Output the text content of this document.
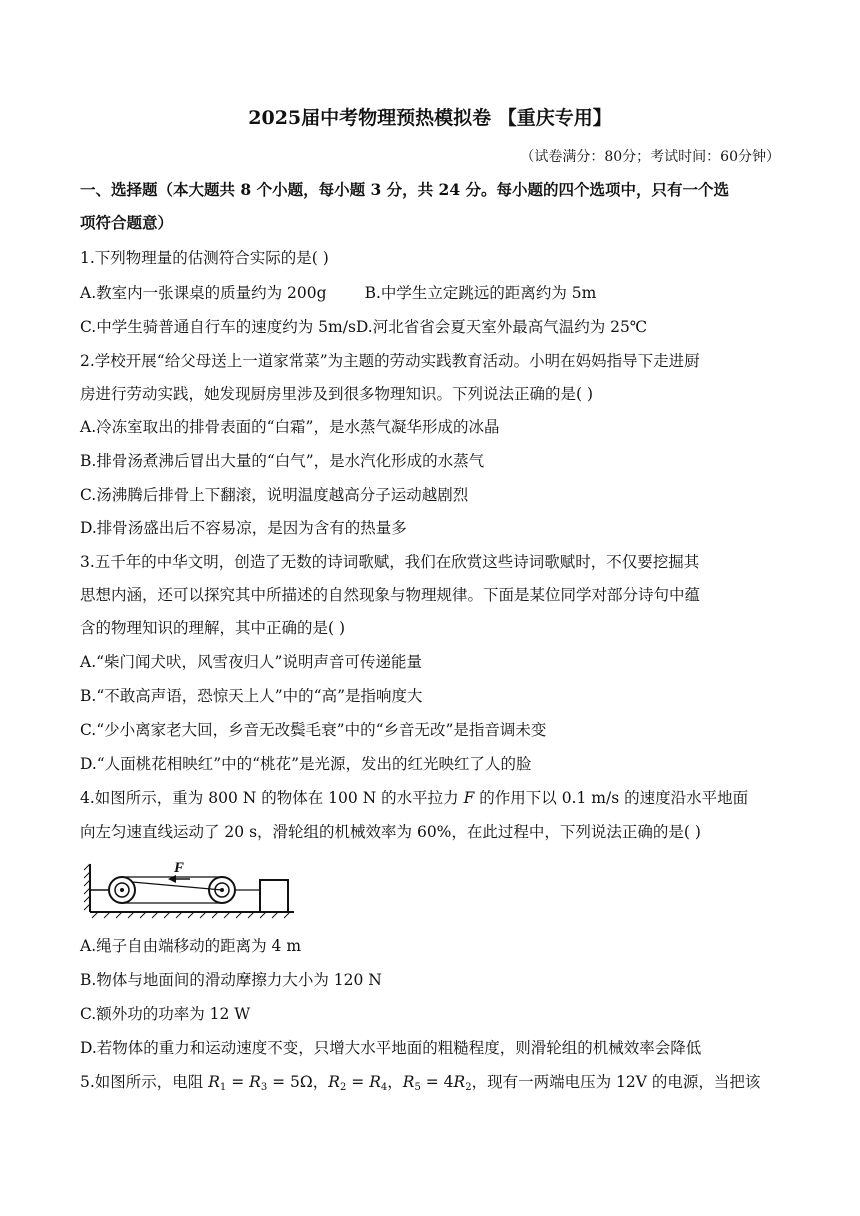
2025届中考物理预热模拟卷 【重庆专用】
（试卷满分：80分；考试时间：60分钟）
一、选择题（本大题共 8 个小题，每小题 3 分，共 24 分。每小题的四个选项中，只有一个选
项符合题意）
1.下列物理量的估测符合实际的是( )
A.教室内一张课桌的质量约为 200g B.中学生立定跳远的距离约为 5m
C.中学生骑普通自行车的速度约为 5m/sD.河北省省会夏天室外最高气温约为 25℃
2.学校开展“给父母送上一道家常菜”为主题的劳动实践教育活动。小明在妈妈指导下走进厨
房进行劳动实践，她发现厨房里涉及到很多物理知识。下列说法正确的是( )
A.冷冻室取出的排骨表面的“白霜”，是水蒸气凝华形成的冰晶
B.排骨汤煮沸后冒出大量的“白气”，是水汽化形成的水蒸气
C.汤沸腾后排骨上下翻滚，说明温度越高分子运动越剧烈
D.排骨汤盛出后不容易凉，是因为含有的热量多
3.五千年的中华文明，创造了无数的诗词歌赋，我们在欣赏这些诗词歌赋时，不仅要挖掘其
思想内涵，还可以探究其中所描述的自然现象与物理规律。下面是某位同学对部分诗句中蕴
含的物理知识的理解，其中正确的是( )
A.“柴门闻犬吠，风雪夜归人”说明声音可传递能量
B.“不敢高声语，恐惊天上人”中的“高”是指响度大
C.“少小离家老大回，乡音无改鬓毛衰”中的“乡音无改”是指音调未变
D.“人面桃花相映红”中的“桃花”是光源，发出的红光映红了人的脸
4.如图所示，重为 800 N 的物体在 100 N 的水平拉力 F 的作用下以 0.1 m/s 的速度沿水平地面
向左匀速直线运动了 20 s，滑轮组的机械效率为 60%，在此过程中，下列说法正确的是( )
F
A.绳子自由端移动的距离为 4 m
B.物体与地面间的滑动摩擦力大小为 120 N
C.额外功的功率为 12 W
D.若物体的重力和运动速度不变，只增大水平地面的粗糙程度，则滑轮组的机械效率会降低
5.如图所示，电阻 $R_1 = R_3 = 5\Omega$，$R_2 = R_4$，$R_5 = 4R_2$，现有一两端电压为 12V 的电源，当把该
